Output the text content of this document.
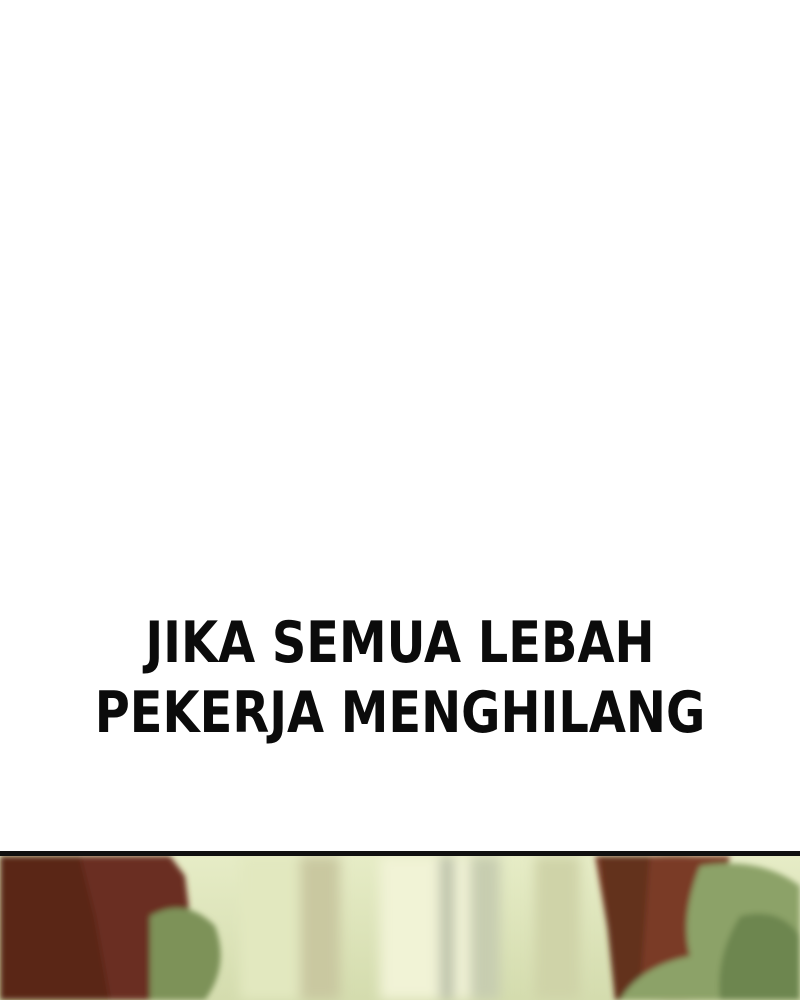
JIKA SEMUA LEBAH
PEKERJA MENGHILANG
